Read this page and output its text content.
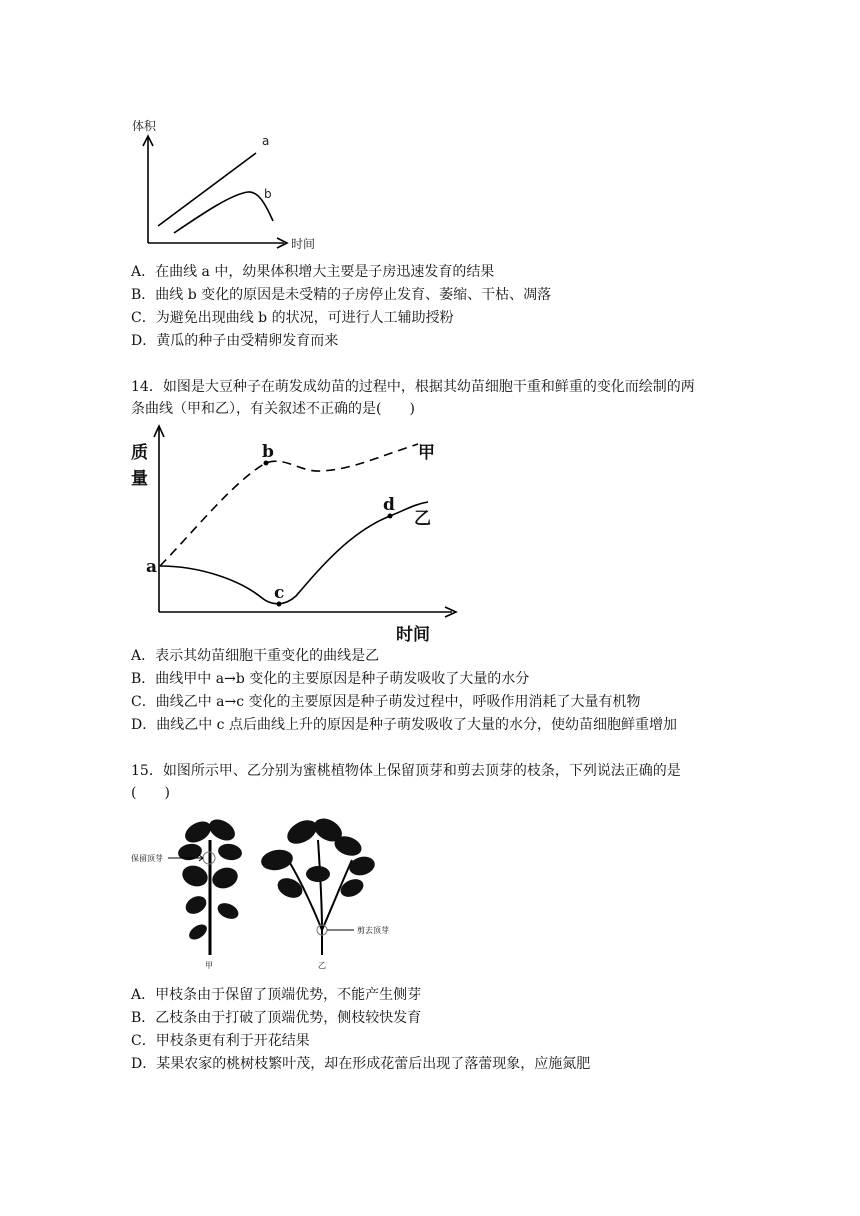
体积
时间
a
b
A．在曲线 a 中，幼果体积增大主要是子房迅速发育的结果
B．曲线 b 变化的原因是未受精的子房停止发育、萎缩、干枯、凋落
C．为避免出现曲线 b 的状况，可进行人工辅助授粉
D．黄瓜的种子由受精卵发育而来
14．如图是大豆种子在萌发成幼苗的过程中，根据其幼苗细胞干重和鲜重的变化而绘制的两
条曲线（甲和乙），有关叙述不正确的是(　　)
质
量
时间
a
b
c
d
甲
乙
A．表示其幼苗细胞干重变化的曲线是乙
B．曲线甲中 a→b 变化的主要原因是种子萌发吸收了大量的水分
C．曲线乙中 a→c 变化的主要原因是种子萌发过程中，呼吸作用消耗了大量有机物
D．曲线乙中 c 点后曲线上升的原因是种子萌发吸收了大量的水分，使幼苗细胞鲜重增加
15．如图所示甲、乙分别为蜜桃植物体上保留顶芽和剪去顶芽的枝条，下列说法正确的是
(　　)
保留顶芽
剪去顶芽
甲	乙
A．甲枝条由于保留了顶端优势，不能产生侧芽
B．乙枝条由于打破了顶端优势，侧枝较快发育
C．甲枝条更有利于开花结果
D．某果农家的桃树枝繁叶茂，却在形成花蕾后出现了落蕾现象，应施氮肥
